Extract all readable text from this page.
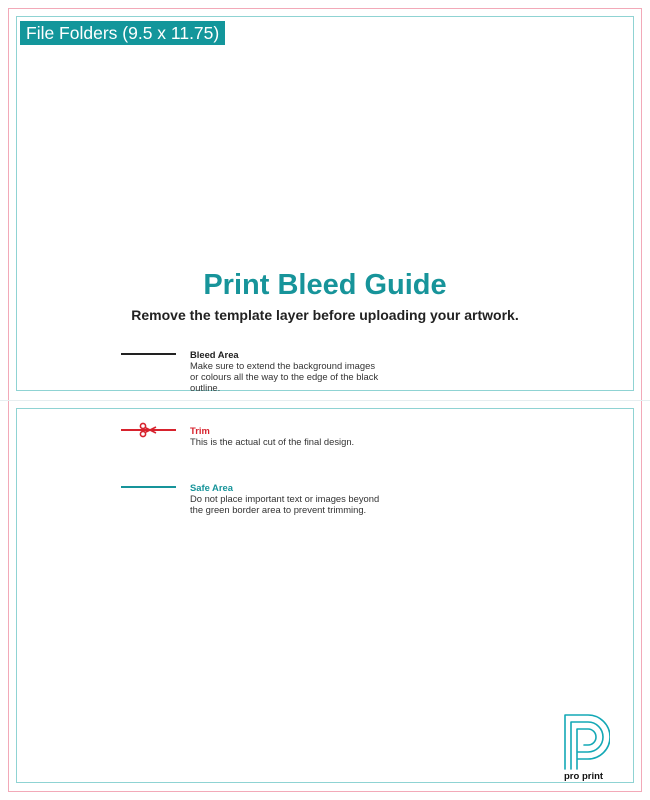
File Folders (9.5 x 11.75)
Print Bleed Guide
Remove the template layer before uploading your artwork.
Bleed Area
Make sure to extend the background images or colours all the way to the edge of the black outline.
Trim
This is the actual cut of the final design.
Safe Area
Do not place important text or images beyond the green border area to prevent trimming.
pro print
